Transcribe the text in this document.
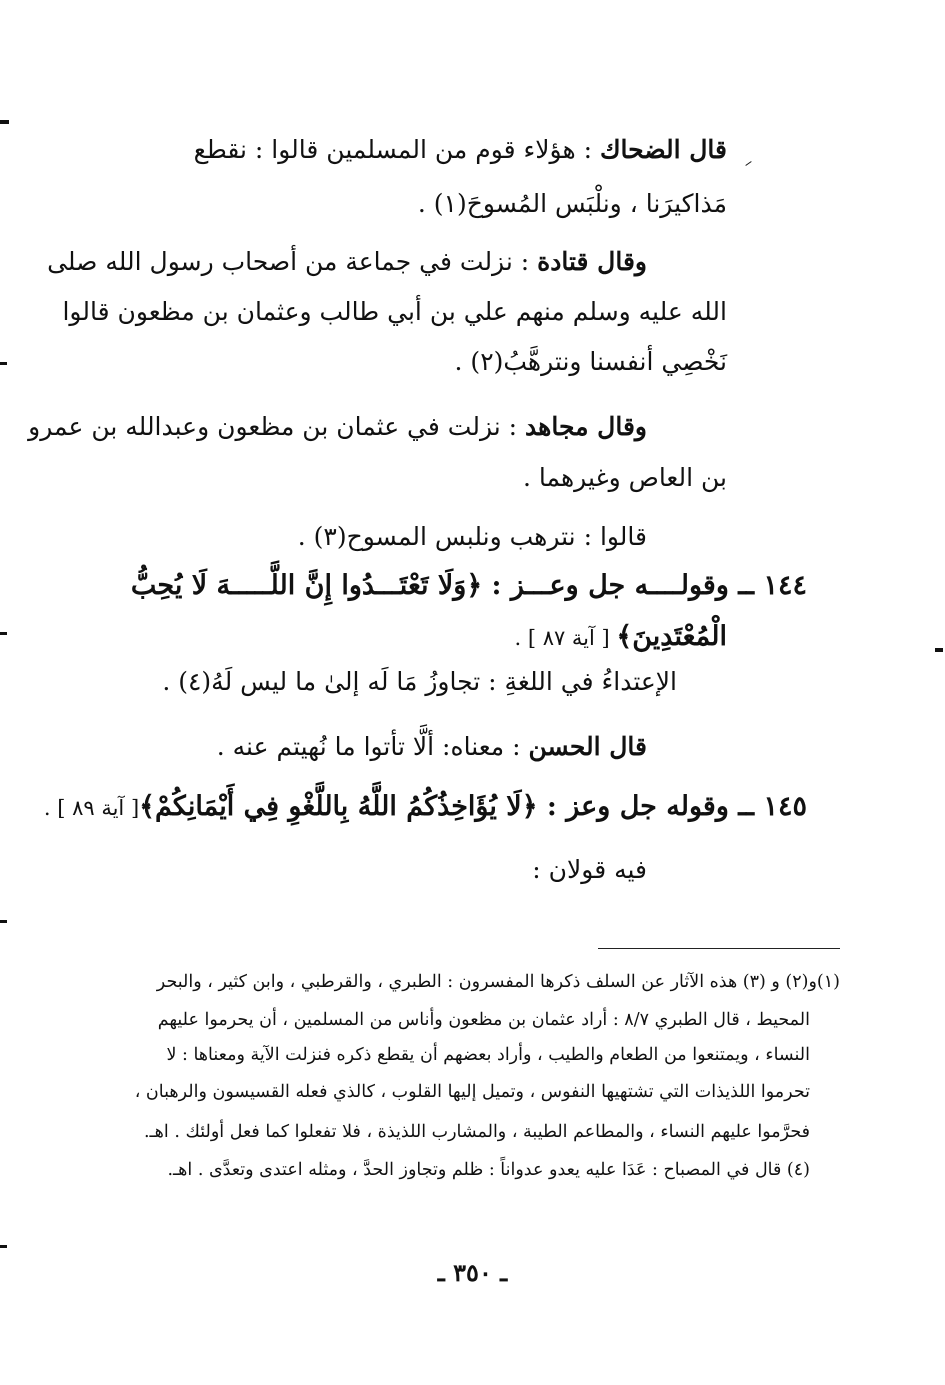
قال الضحاك : هؤلاء قوم من المسلمين قالوا : نقطع
مَذاكيرَنا ، ونلْبَس المُسوحَ(١) .
وقال قتادة : نزلت في جماعة من أصحاب رسول الله صلى
الله عليه وسلم منهم علي بن أبي طالب وعثمان بن مظعون قالوا
نَخْصِي أنفسنا ونترهَّبُ(٢) .
وقال مجاهد : نزلت في عثمان بن مظعون وعبدالله بن عمرو
بن العاص وغيرهما .
قالوا : نترهب ونلبس المسوح(٣) .
١٤٤ ــ وقولــــه جل وعـــز : ﴿وَلَا تَعْتَـــدُوا إِنَّ اللَّـــــهَ لَا يُحِبُّ
الْمُعْتَدِينَ﴾ [ آية ٨٧ ] .
الإعتداءُ في اللغةِ : تجاوزُ مَا لَه إلىٰ ما ليس لَهُ(٤) .
قال الحسن : معناه: ألَّا تأتوا ما نُهيتم عنه .
١٤٥ ــ وقوله جل وعز : ﴿لَا يُؤَاخِذُكُمُ اللَّهُ بِاللَّغْوِ فِي أَيْمَانِكُمْ﴾[ آية ٨٩ ] .
فيه قولان :
(١)و(٢) و (٣) هذه الآثار عن السلف ذكرها المفسرون : الطبري ، والقرطبي ، وابن كثير ، والبحر
المحيط ، قال الطبري ٨/٧ : أراد عثمان بن مظعون وأناس من المسلمين ، أن يحرموا عليهم
النساء ، ويمتنعوا من الطعام والطيب ، وأراد بعضهم أن يقطع ذكره فنزلت الآية ومعناها : لا
تحرموا اللذيذات التي تشتهيها النفوس ، وتميل إليها القلوب ، كالذي فعله القسيسون والرهبان ،
فحرَّموا عليهم النساء ، والمطاعم الطيبة ، والمشارب اللذيذة ، فلا تفعلوا كما فعل أولئك . اهـ.
(٤) قال في المصباح : عَدَا عليه يعدو عدواناً : ظلم وتجاوز الحدَّ ، ومثله اعتدى وتعدَّى . اهـ.
ـ ٣٥٠ ـ
